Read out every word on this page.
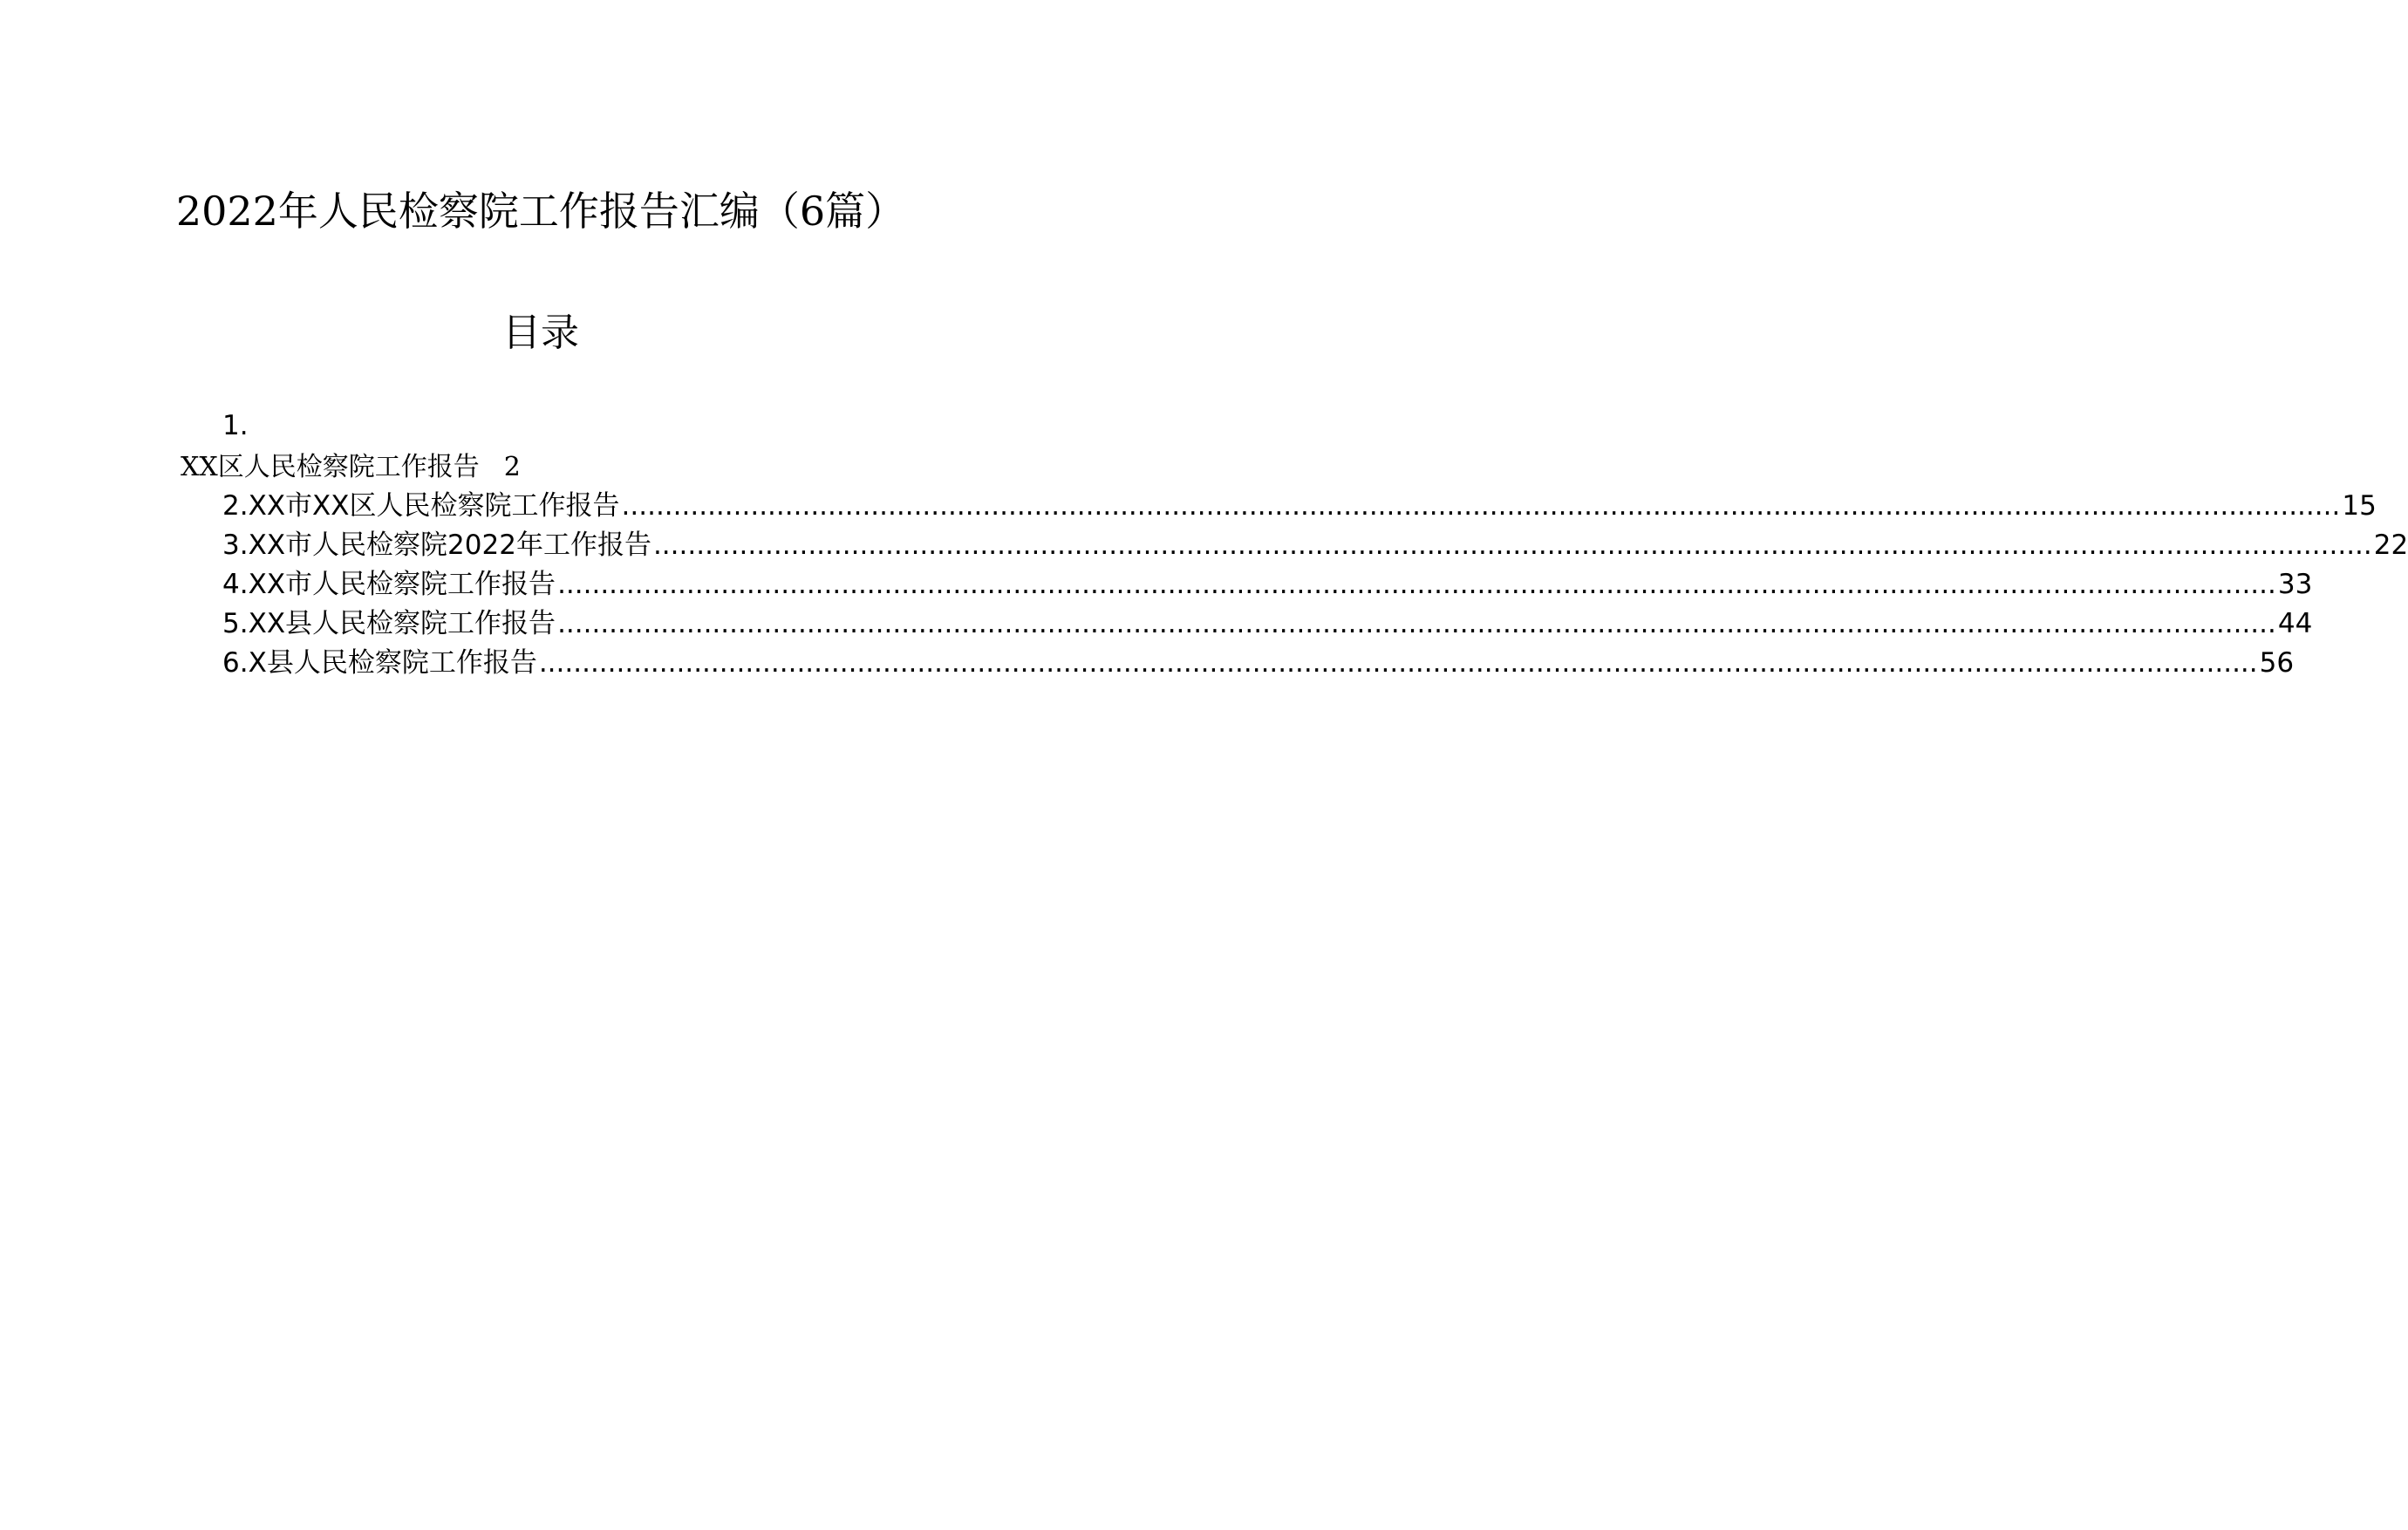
2022年人民检察院工作报告汇编（6篇）
目录
1.
XX区人民检察院工作报告 2
2.XX市XX区人民检察院工作报告 ........................................................................................................................................................................................................ 15
3.XX市人民检察院2022年工作报告 ........................................................................................................................................................................................................ 22
4.XX市人民检察院工作报告 ........................................................................................................................................................................................................ 33
5.XX县人民检察院工作报告 ........................................................................................................................................................................................................ 44
6.X县人民检察院工作报告 ........................................................................................................................................................................................................ 56
